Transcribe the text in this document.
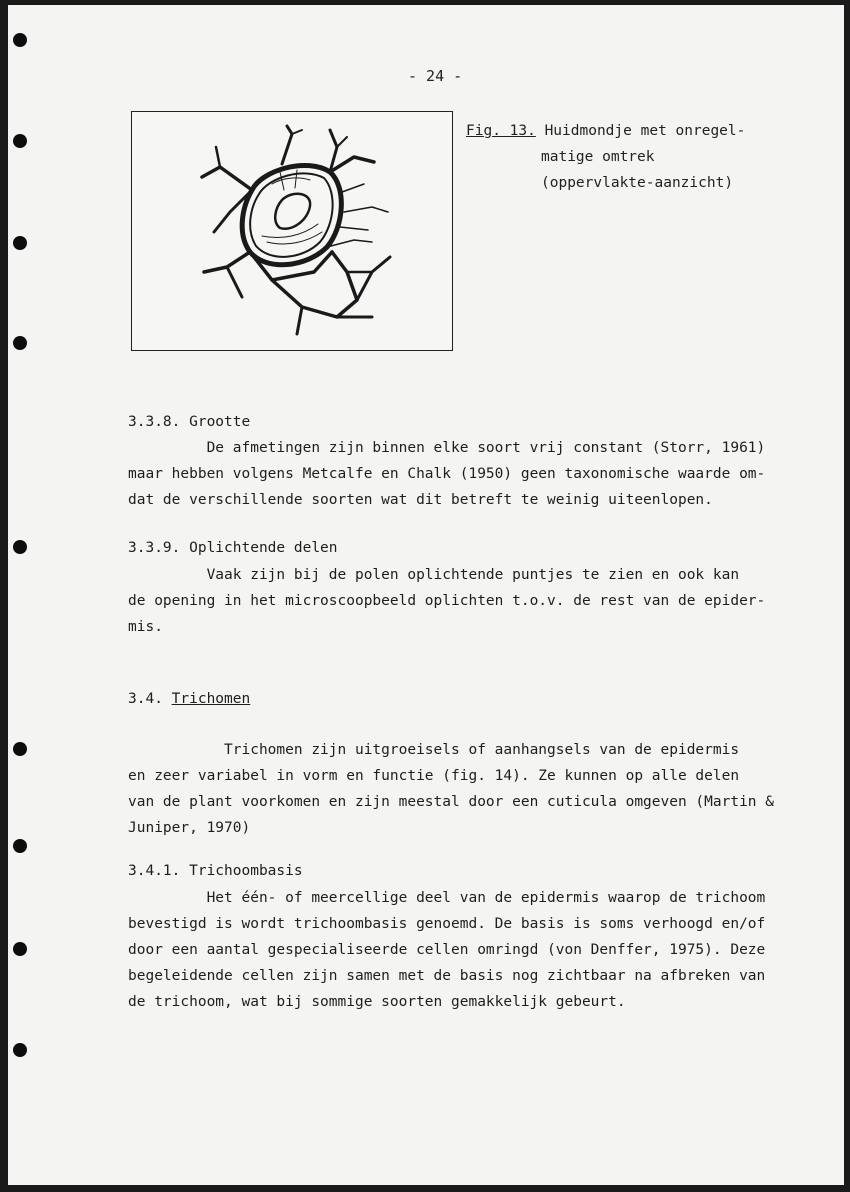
- 24 -
Fig. 13. Huidmondje met onregel-
matige omtrek
(oppervlakte-aanzicht)
3.3.8. Grootte
De afmetingen zijn binnen elke soort vrij constant (Storr, 1961)
maar hebben volgens Metcalfe en Chalk (1950) geen taxonomische waarde om-
dat de verschillende soorten wat dit betreft te weinig uiteenlopen.
3.3.9. Oplichtende delen
Vaak zijn bij de polen oplichtende puntjes te zien en ook kan
de opening in het microscoopbeeld oplichten t.o.v. de rest van de epider-
mis.
3.4. Trichomen
Trichomen zijn uitgroeisels of aanhangsels van de epidermis
en zeer variabel in vorm en functie (fig. 14). Ze kunnen op alle delen
van de plant voorkomen en zijn meestal door een cuticula omgeven (Martin &
Juniper, 1970)
3.4.1. Trichoombasis
Het één- of meercellige deel van de epidermis waarop de trichoom
bevestigd is wordt trichoombasis genoemd. De basis is soms verhoogd en/of
door een aantal gespecialiseerde cellen omringd (von Denffer, 1975). Deze
begeleidende cellen zijn samen met de basis nog zichtbaar na afbreken van
de trichoom, wat bij sommige soorten gemakkelijk gebeurt.
